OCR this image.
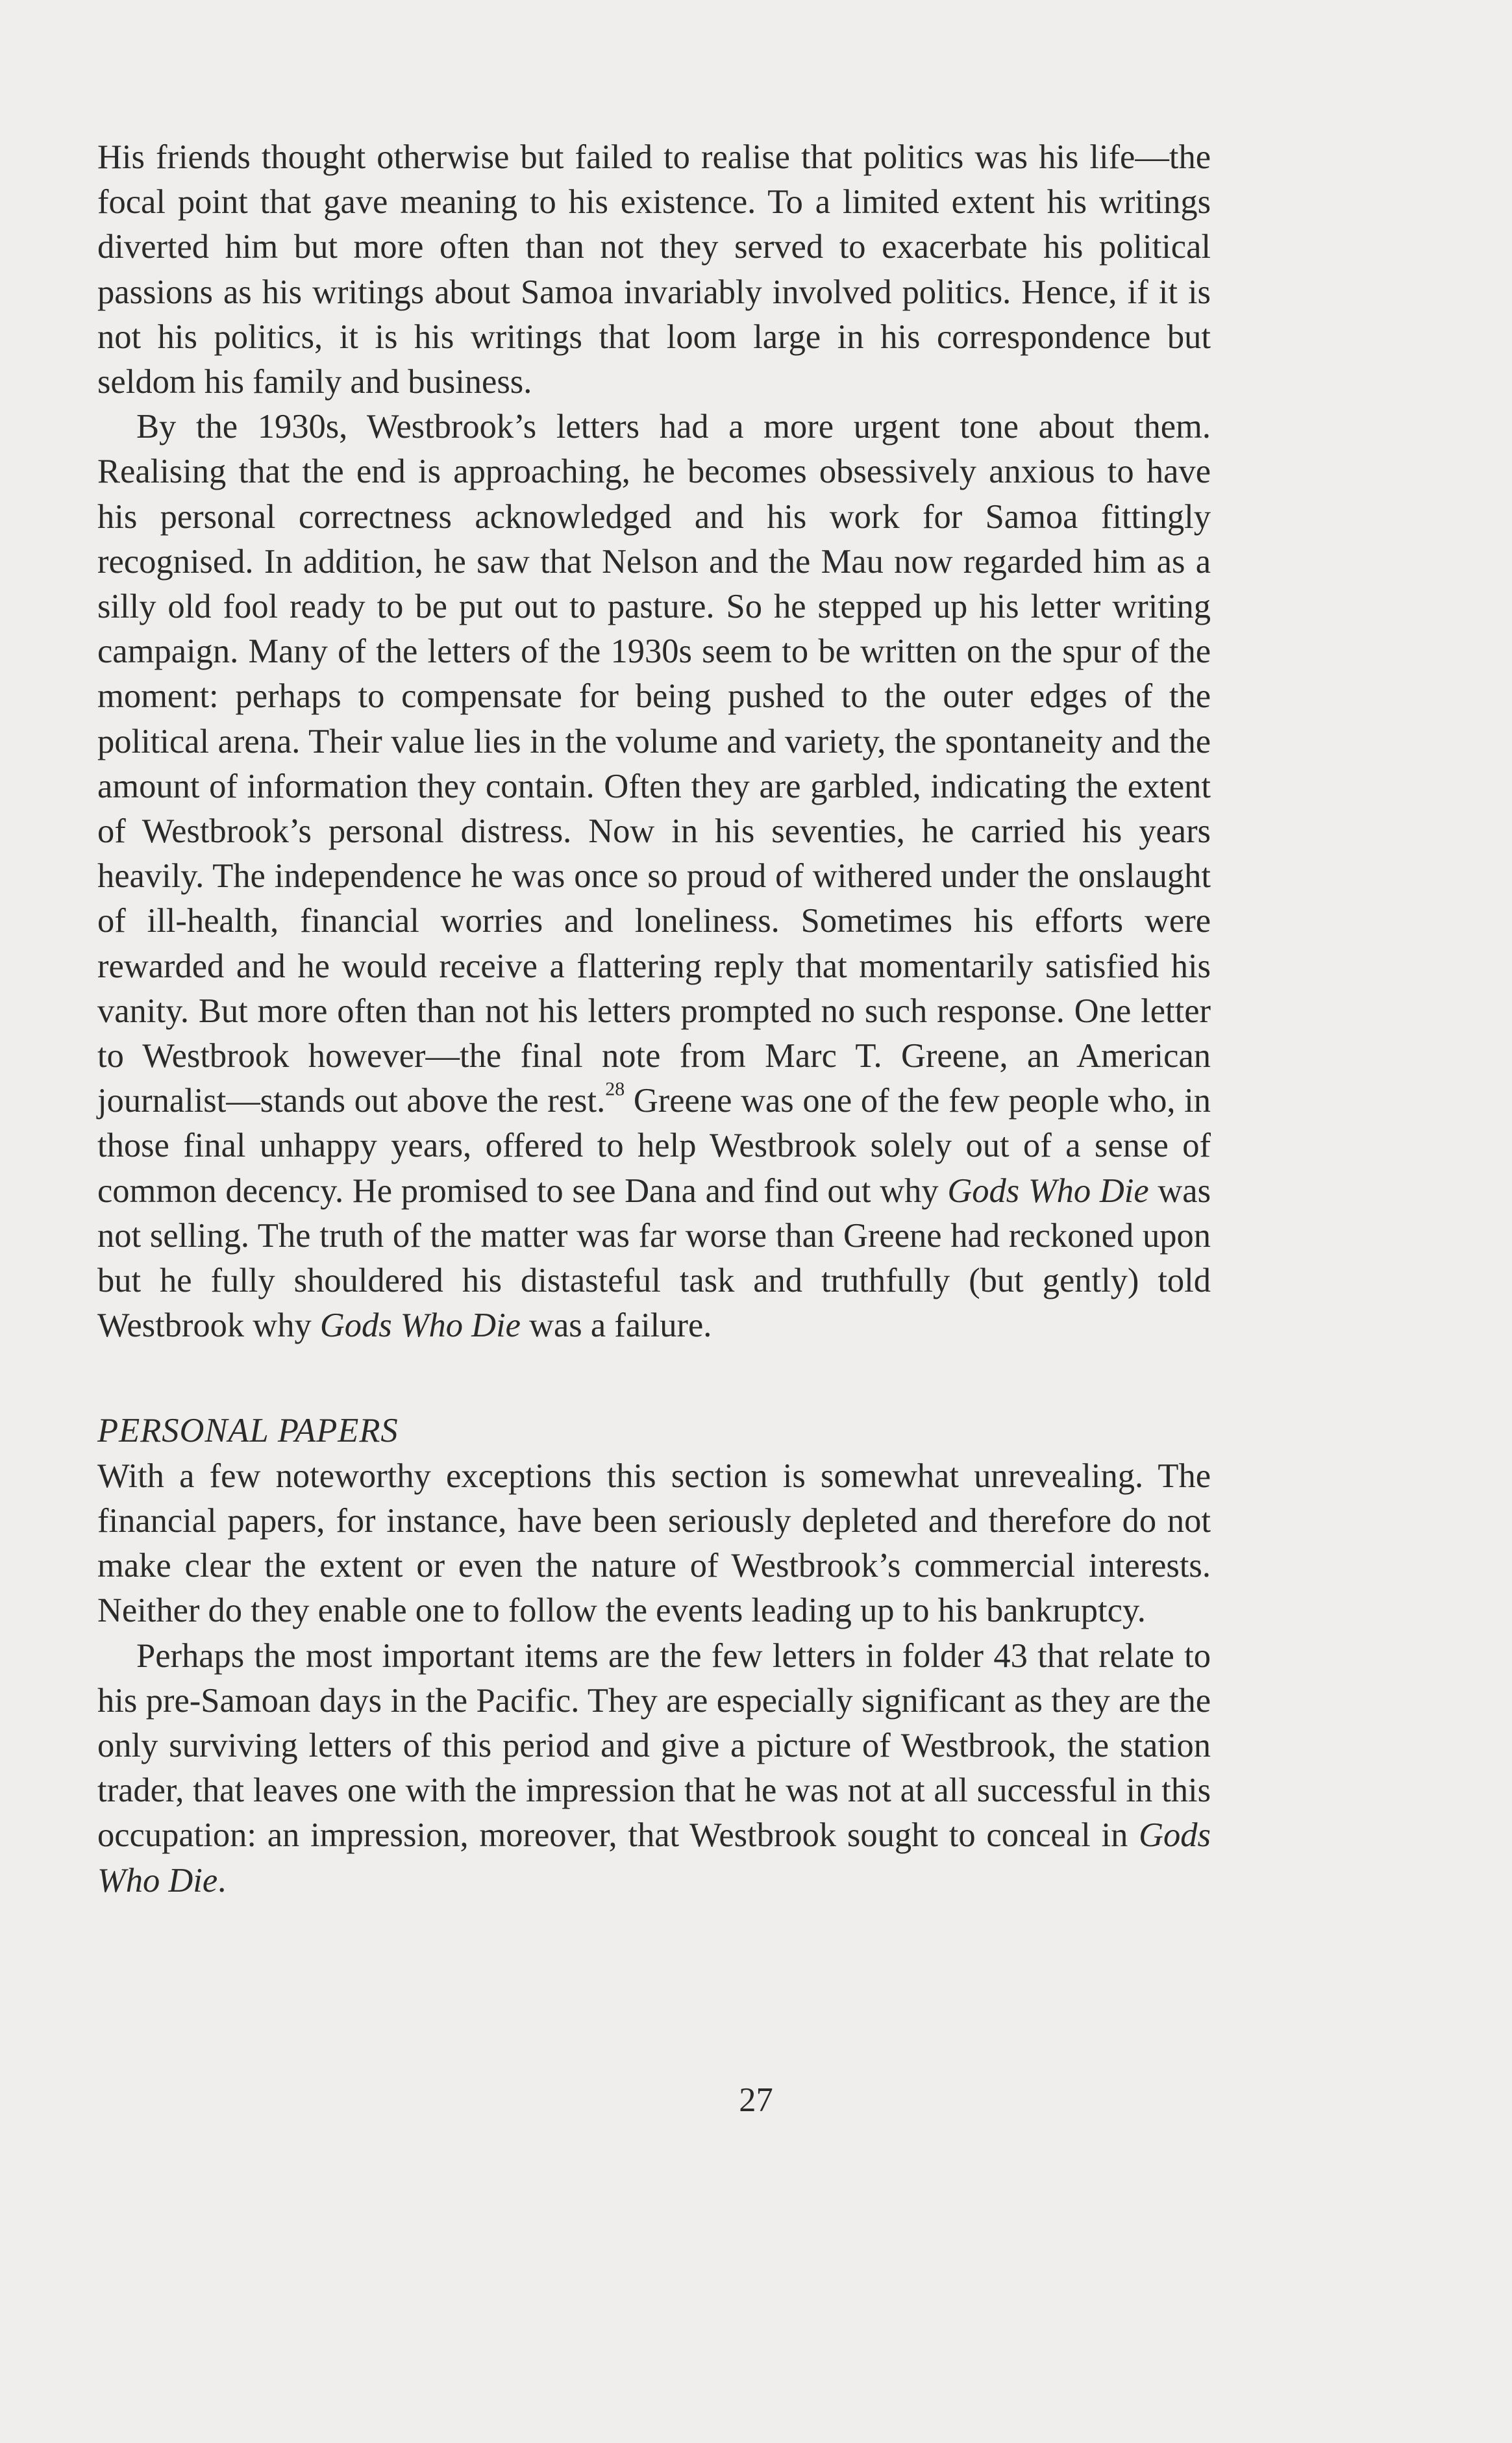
His friends thought otherwise but failed to realise that politics was his life—the focal point that gave meaning to his existence. To a limited extent his writings diverted him but more often than not they served to exacerbate his political passions as his writings about Samoa invariably involved politics. Hence, if it is not his politics, it is his writings that loom large in his correspondence but seldom his family and business.

By the 1930s, Westbrook’s letters had a more urgent tone about them. Realising that the end is approaching, he becomes obsessively anxious to have his personal correctness acknowledged and his work for Samoa fittingly recognised. In addition, he saw that Nelson and the Mau now regarded him as a silly old fool ready to be put out to pasture. So he stepped up his letter writing campaign. Many of the letters of the 1930s seem to be written on the spur of the moment: perhaps to compensate for being pushed to the outer edges of the political arena. Their value lies in the volume and variety, the spontaneity and the amount of information they contain. Often they are garbled, indicating the extent of Westbrook’s personal distress. Now in his seventies, he carried his years heavily. The independence he was once so proud of withered under the onslaught of ill-health, financial worries and loneliness. Sometimes his efforts were rewarded and he would receive a flattering reply that momentarily satisfied his vanity. But more often than not his letters prompted no such response. One letter to Westbrook however—the final note from Marc T. Greene, an American journalist—stands out above the rest.$^{28}$ Greene was one of the few people who, in those final unhappy years, offered to help Westbrook solely out of a sense of common decency. He promised to see Dana and find out why Gods Who Die was not selling. The truth of the matter was far worse than Greene had reckoned upon but he fully shouldered his distasteful task and truthfully (but gently) told Westbrook why Gods Who Die was a failure.

PERSONAL PAPERS

With a few noteworthy exceptions this section is somewhat unrevealing. The financial papers, for instance, have been seriously depleted and therefore do not make clear the extent or even the nature of Westbrook’s commercial interests. Neither do they enable one to follow the events leading up to his bankruptcy.

Perhaps the most important items are the few letters in folder 43 that relate to his pre-Samoan days in the Pacific. They are especially significant as they are the only surviving letters of this period and give a picture of Westbrook, the station trader, that leaves one with the impression that he was not at all successful in this occupation: an impression, moreover, that Westbrook sought to conceal in Gods Who Die.

27
